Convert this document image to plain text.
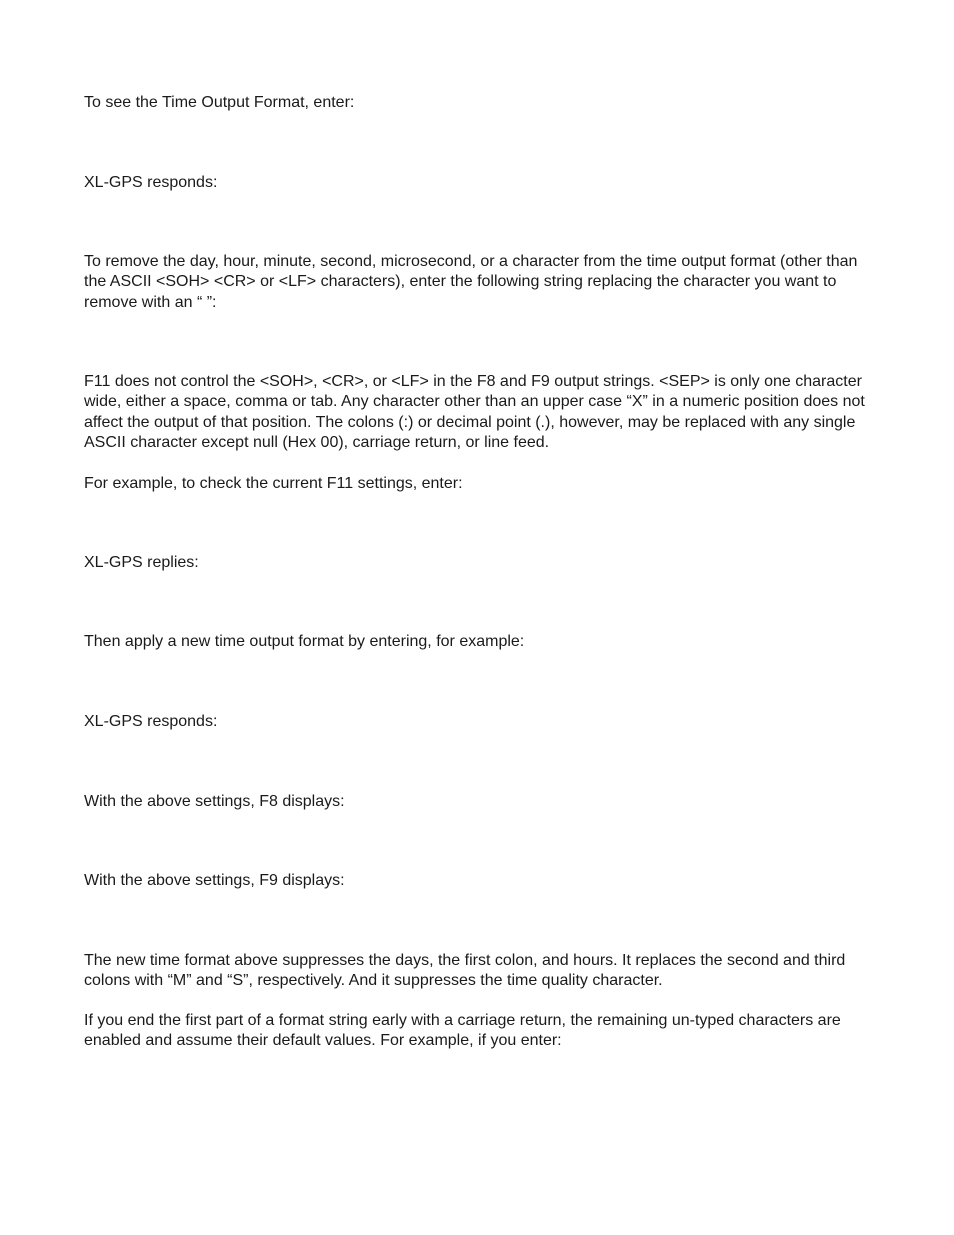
To see the Time Output Format, enter:

XL-GPS responds:

To remove the day, hour, minute, second, microsecond, or a character from the time output format (other than the ASCII <SOH> <CR> or <LF> characters), enter the following string replacing the character you want to remove with an “ ”:

F11 does not control the <SOH>, <CR>, or <LF> in the F8 and F9 output strings. <SEP> is only one character wide, either a space, comma or tab. Any character other than an upper case “X” in a numeric position does not affect the output of that position. The colons (:) or decimal point (.), however, may be replaced with any single ASCII character except null (Hex 00), carriage return, or line feed.

For example, to check the current F11 settings, enter:

XL-GPS replies:

Then apply a new time output format by entering, for example:

XL-GPS responds:

With the above settings, F8 displays:

With the above settings, F9 displays:

The new time format above suppresses the days, the first colon, and hours. It replaces the second and third colons with “M” and “S”, respectively. And it suppresses the time quality character.

If you end the first part of a format string early with a carriage return, the remaining un-typed characters are enabled and assume their default values. For example, if you enter:
